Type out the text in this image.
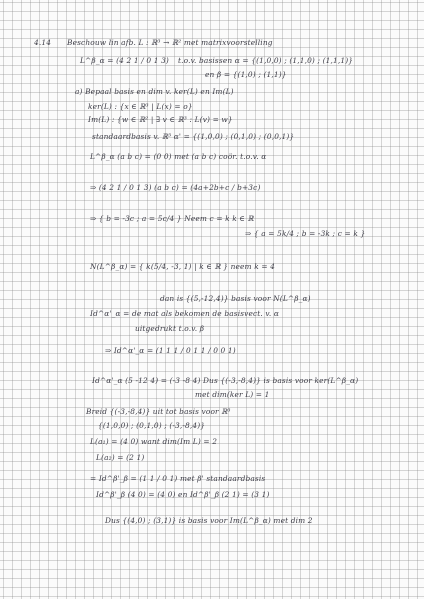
4.14 Beschouw lin afb. L : ℝ³ → ℝ² met matrixvoorstelling
L^β_α = (4 2 1 / 0 1 3) t.o.v. basissen α = {(1,0,0) ; (1,1,0) ; (1,1,1)}
en β = {(1,0) ; (1,1)}
a) Bepaal basis en dim v. ker(L) en Im(L)
ker(L) : {x ∈ ℝ³ | L(x) = o}
Im(L) : {w ∈ ℝ² | ∃ v ∈ ℝ³ : L(v) = w}
standaardbasis v. ℝ³ α' = {(1,0,0) ; (0,1,0) ; (0,0,1)}
L^β_α (a b c) = (0 0) met (a b c) coör. t.o.v. α
⇒ (4 2 1 / 0 1 3) (a b c) = (4a+2b+c / b+3c)
⇒ { b = -3c ; a = 5c/4 } Neem c = k k ∈ ℝ
⇒ { a = 5k/4 ; b = -3k ; c = k }
N(L^β_α) = { k(5/4, -3, 1) | k ∈ ℝ } neem k = 4
dan is {(5,-12,4)} basis voor N(L^β_α)
Id^α'_α = de mat als bekomen de basisvect. v. α
uitgedrukt t.o.v. β
⇒ Id^α'_α = (1 1 1 / 0 1 1 / 0 0 1)
Id^α'_α (5 -12 4) = (-3 -8 4) Dus {(-3,-8,4)} is basis voor ker(L^β_α)
met dim(ker L) = 1
Breid {(-3,-8,4)} uit tot basis voor ℝ³
{(1,0,0) ; (0,1,0) ; (-3,-8,4)}
L(a₁) = (4 0) want dim(Im L) = 2
L(a₂) = (2 1)
= Id^β'_β = (1 1 / 0 1) met β' standaardbasis
Id^β'_β (4 0) = (4 0) en Id^β'_β (2 1) = (3 1)
Dus {(4,0) ; (3,1)} is basis voor Im(L^β_α) met dim 2
